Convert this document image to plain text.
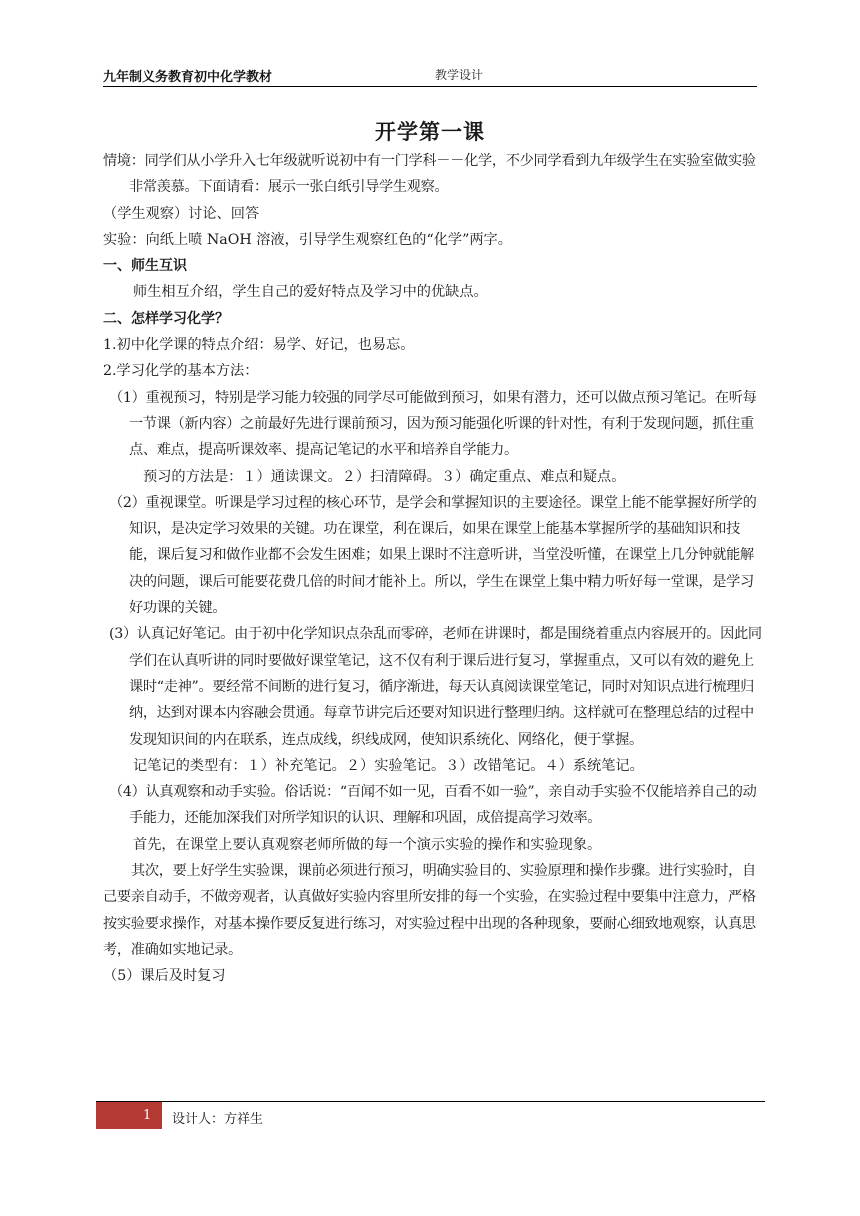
九年制义务教育初中化学教材	教学设计
开学第一课

情境：同学们从小学升入七年级就听说初中有一门学科－－化学，不少同学看到九年级学生在实验室做实验非常羡慕。下面请看：展示一张白纸引导学生观察。

（学生观察）讨论、回答

实验：向纸上喷 NaOH 溶液，引导学生观察红色的“化学”两字。

一、师生互识

师生相互介绍，学生自己的爱好特点及学习中的优缺点。

二、怎样学习化学？

1.初中化学课的特点介绍：易学、好记，也易忘。

2.学习化学的基本方法：

（1）重视预习，特别是学习能力较强的同学尽可能做到预习，如果有潜力，还可以做点预习笔记。在听每一节课（新内容）之前最好先进行课前预习，因为预习能强化听课的针对性，有利于发现问题，抓住重点、难点，提高听课效率、提高记笔记的水平和培养自学能力。

预习的方法是：１）通读课文。２）扫清障碍。３）确定重点、难点和疑点。

（2）重视课堂。听课是学习过程的核心环节，是学会和掌握知识的主要途径。课堂上能不能掌握好所学的知识，是决定学习效果的关键。功在课堂，利在课后，如果在课堂上能基本掌握所学的基础知识和技能，课后复习和做作业都不会发生困难；如果上课时不注意听讲，当堂没听懂，在课堂上几分钟就能解决的问题，课后可能要花费几倍的时间才能补上。所以，学生在课堂上集中精力听好每一堂课，是学习好功课的关键。

(3）认真记好笔记。由于初中化学知识点杂乱而零碎，老师在讲课时，都是围绕着重点内容展开的。因此同学们在认真听讲的同时要做好课堂笔记，这不仅有利于课后进行复习，掌握重点，又可以有效的避免上课时“走神”。要经常不间断的进行复习，循序渐进，每天认真阅读课堂笔记，同时对知识点进行梳理归纳，达到对课本内容融会贯通。每章节讲完后还要对知识进行整理归纳。这样就可在整理总结的过程中发现知识间的内在联系，连点成线，织线成网，使知识系统化、网络化，便于掌握。

记笔记的类型有：１）补充笔记。２）实验笔记。３）改错笔记。４）系统笔记。

（4）认真观察和动手实验。俗话说：“百闻不如一见，百看不如一验”，亲自动手实验不仅能培养自己的动手能力，还能加深我们对所学知识的认识、理解和巩固，成倍提高学习效率。

首先，在课堂上要认真观察老师所做的每一个演示实验的操作和实验现象。

其次，要上好学生实验课，课前必须进行预习，明确实验目的、实验原理和操作步骤。进行实验时，自己要亲自动手，不做旁观者，认真做好实验内容里所安排的每一个实验，在实验过程中要集中注意力，严格按实验要求操作，对基本操作要反复进行练习，对实验过程中出现的各种现象，要耐心细致地观察，认真思考，准确如实地记录。

（5）课后及时复习

1 设计人：方祥生
